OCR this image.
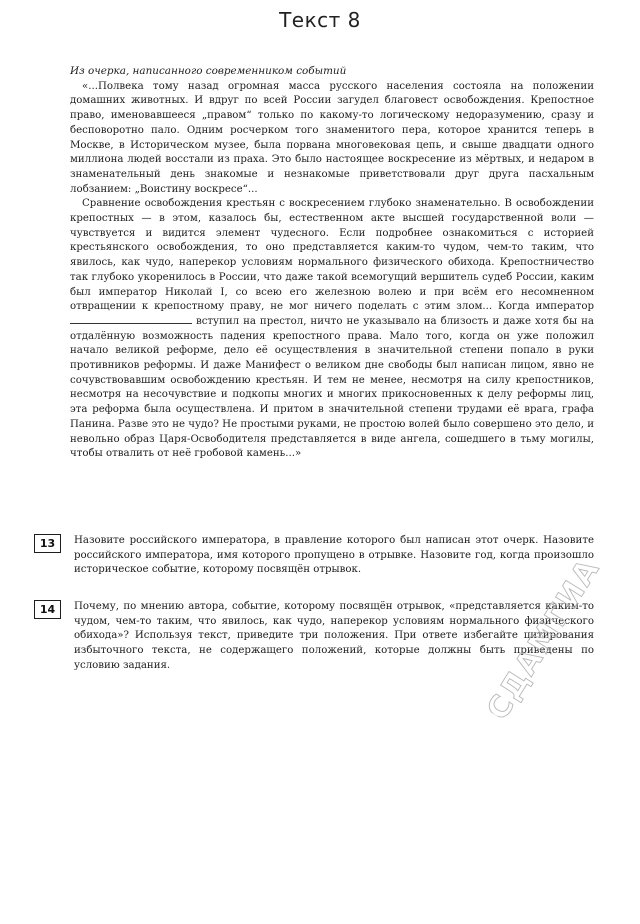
Текст 8

Из очерка, написанного современником событий

«...Полвека тому назад огромная масса русского населения состояла на положении домашних животных. И вдруг по всей России загудел благовест освобождения. Крепостное право, именовавшееся „правом“ только по какому-то логическому недоразумению, сразу и бесповоротно пало. Одним росчерком того знаменитого пера, которое хранится теперь в Москве, в Историческом музее, была порвана многовековая цепь, и свыше двадцати одного миллиона людей восстали из праха. Это было настоящее воскресение из мёртвых, и недаром в знаменательный день знакомые и незнакомые приветствовали друг друга пасхальным лобзанием: „Воистину воскресе“...

Сравнение освобождения крестьян с воскресением глубоко знаменательно. В освобождении крепостных — в этом, казалось бы, естественном акте высшей государственной воли — чувствуется и видится элемент чудесного. Если подробнее ознакомиться с историей крестьянского освобождения, то оно представляется каким-то чудом, чем-то таким, что явилось, как чудо, наперекор условиям нормального физического обихода. Крепостничество так глубоко укоренилось в России, что даже такой всемогущий вершитель судеб России, каким был император Николай I, со всею его железною волею и при всём его несомненном отвращении к крепостному праву, не мог ничего поделать с этим злом... Когда император  вступил на престол, ничто не указывало на близость и даже хотя бы на отдалённую возможность падения крепостного права. Мало того, когда он уже положил начало великой реформе, дело её осуществления в значительной степени попало в руки противников реформы. И даже Манифест о великом дне свободы был написан лицом, явно не сочувствовавшим освобождению крестьян. И тем не менее, несмотря на силу крепостников, несмотря на несочувствие и подкопы многих и многих прикосновенных к делу реформы лиц, эта реформа была осуществлена. И притом в значительной степени трудами её врага, графа Панина. Разве это не чудо? Не простыми руками, не простою волей было совершено это дело, и невольно образ Царя-Освободителя представляется в виде ангела, сошедшего в тьму могилы, чтобы отвалить от неё гробовой камень...»

13	Назовите российского императора, в правление которого был написан этот очерк. Назовите российского императора, имя которого пропущено в отрывке. Назовите год, когда произошло историческое событие, которому посвящён отрывок.

14	Почему, по мнению автора, событие, которому посвящён отрывок, «представляется каким-то чудом, чем-то таким, что явилось, как чудо, наперекор условиям нормального физического обихода»? Используя текст, приведите три положения. При ответе избегайте цитирования избыточного текста, не содержащего положений, которые должны быть приведены по условию задания.	СДАМГИА
